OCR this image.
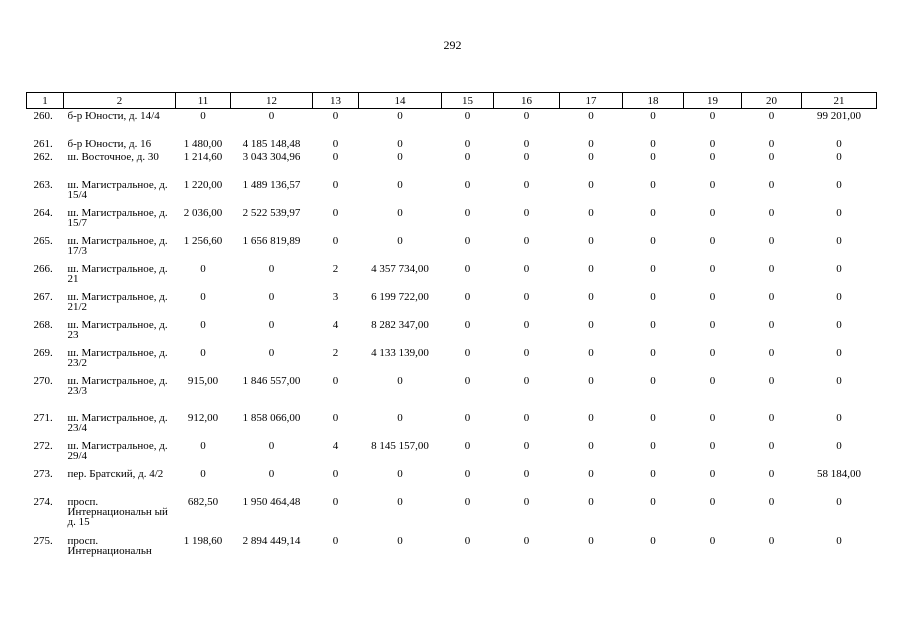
292
1	2	11	12	13	14	15	16	17	18	19	20	21
260.	б-р Юности, д. 14/4	0	0	0	0	0	0	0	0	0	0	99 201,00
261.	б-р Юности, д. 16	1 480,00	4 185 148,48	0	0	0	0	0	0	0	0	0
262.	ш. Восточное, д. 30	1 214,60	3 043 304,96	0	0	0	0	0	0	0	0	0
263.	ш. Магистральное, д. 15/4	1 220,00	1 489 136,57	0	0	0	0	0	0	0	0	0
264.	ш. Магистральное, д. 15/7	2 036,00	2 522 539,97	0	0	0	0	0	0	0	0	0
265.	ш. Магистральное, д. 17/3	1 256,60	1 656 819,89	0	0	0	0	0	0	0	0	0
266.	ш. Магистральное, д. 21	0	0	2	4 357 734,00	0	0	0	0	0	0	0
267.	ш. Магистральное, д. 21/2	0	0	3	6 199 722,00	0	0	0	0	0	0	0
268.	ш. Магистральное, д. 23	0	0	4	8 282 347,00	0	0	0	0	0	0	0
269.	ш. Магистральное, д. 23/2	0	0	2	4 133 139,00	0	0	0	0	0	0	0
270.	ш. Магистральное, д. 23/3	915,00	1 846 557,00	0	0	0	0	0	0	0	0	0
271.	ш. Магистральное, д. 23/4	912,00	1 858 066,00	0	0	0	0	0	0	0	0	0
272.	ш. Магистральное, д. 29/4	0	0	4	8 145 157,00	0	0	0	0	0	0	0
273.	пер. Братский, д. 4/2	0	0	0	0	0	0	0	0	0	0	58 184,00
274.	просп. Интернациональн ый д. 15	682,50	1 950 464,48	0	0	0	0	0	0	0	0	0
275.	просп. Интернациональн	1 198,60	2 894 449,14	0	0	0	0	0	0	0	0	0
